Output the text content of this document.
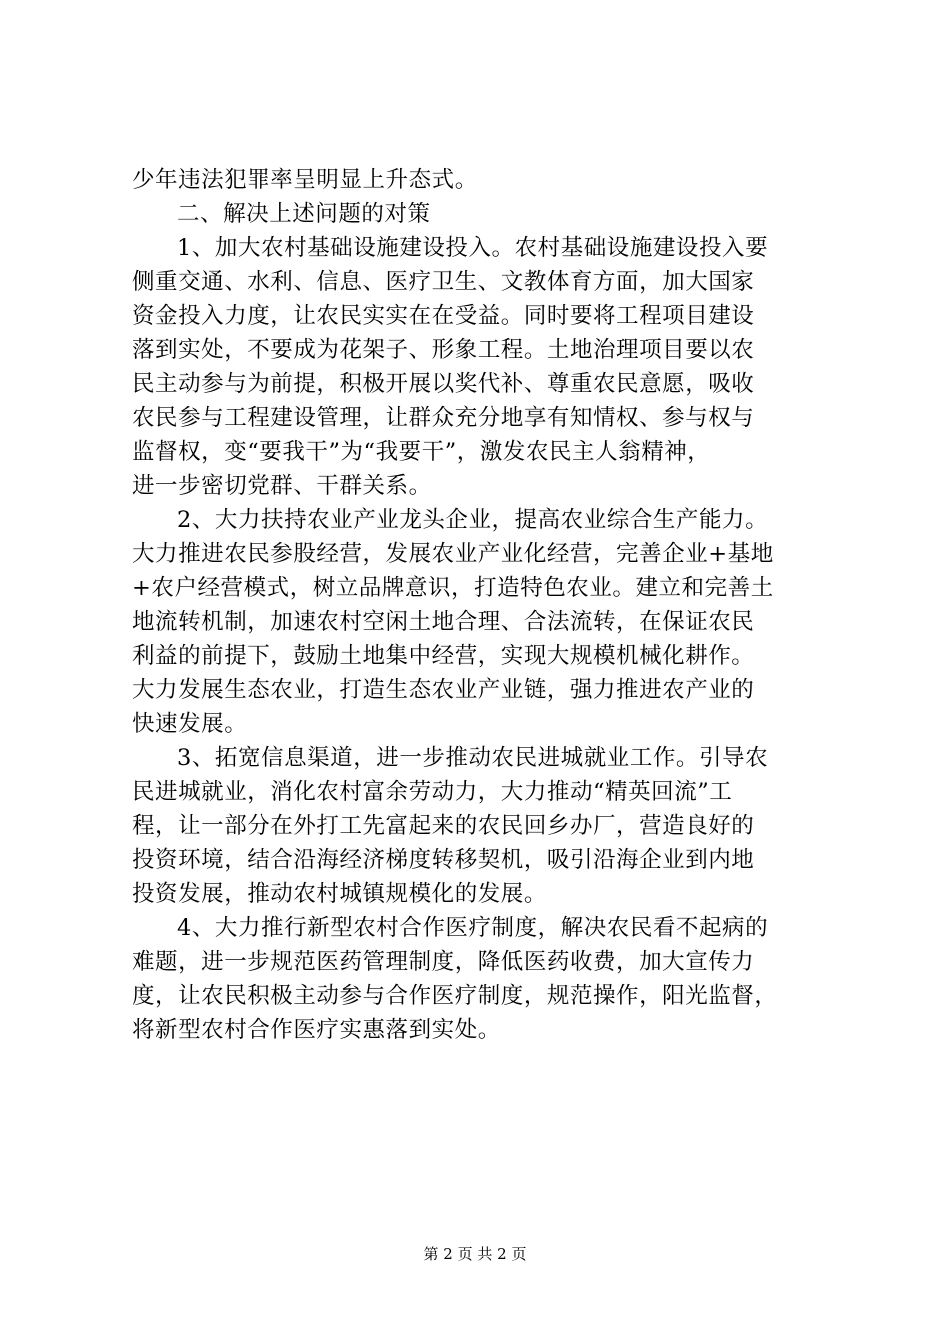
少年违法犯罪率呈明显上升态式。
二、解决上述问题的对策
1、加大农村基础设施建设投入。农村基础设施建设投入要
侧重交通、水利、信息、医疗卫生、文教体育方面，加大国家
资金投入力度，让农民实实在在受益。同时要将工程项目建设
落到实处，不要成为花架子、形象工程。土地治理项目要以农
民主动参与为前提，积极开展以奖代补、尊重农民意愿，吸收
农民参与工程建设管理，让群众充分地享有知情权、参与权与
监督权，变“要我干”为“我要干”，激发农民主人翁精神，
进一步密切党群、干群关系。
2、大力扶持农业产业龙头企业，提高农业综合生产能力。
大力推进农民参股经营，发展农业产业化经营，完善企业+基地
+农户经营模式，树立品牌意识，打造特色农业。建立和完善土
地流转机制，加速农村空闲土地合理、合法流转，在保证农民
利益的前提下，鼓励土地集中经营，实现大规模机械化耕作。
大力发展生态农业，打造生态农业产业链，强力推进农产业的
快速发展。
3、拓宽信息渠道，进一步推动农民进城就业工作。引导农
民进城就业，消化农村富余劳动力，大力推动“精英回流”工
程，让一部分在外打工先富起来的农民回乡办厂，营造良好的
投资环境，结合沿海经济梯度转移契机，吸引沿海企业到内地
投资发展，推动农村城镇规模化的发展。
4、大力推行新型农村合作医疗制度，解决农民看不起病的
难题，进一步规范医药管理制度，降低医药收费，加大宣传力
度，让农民积极主动参与合作医疗制度，规范操作，阳光监督，
将新型农村合作医疗实惠落到实处。
第 2 页 共 2 页
